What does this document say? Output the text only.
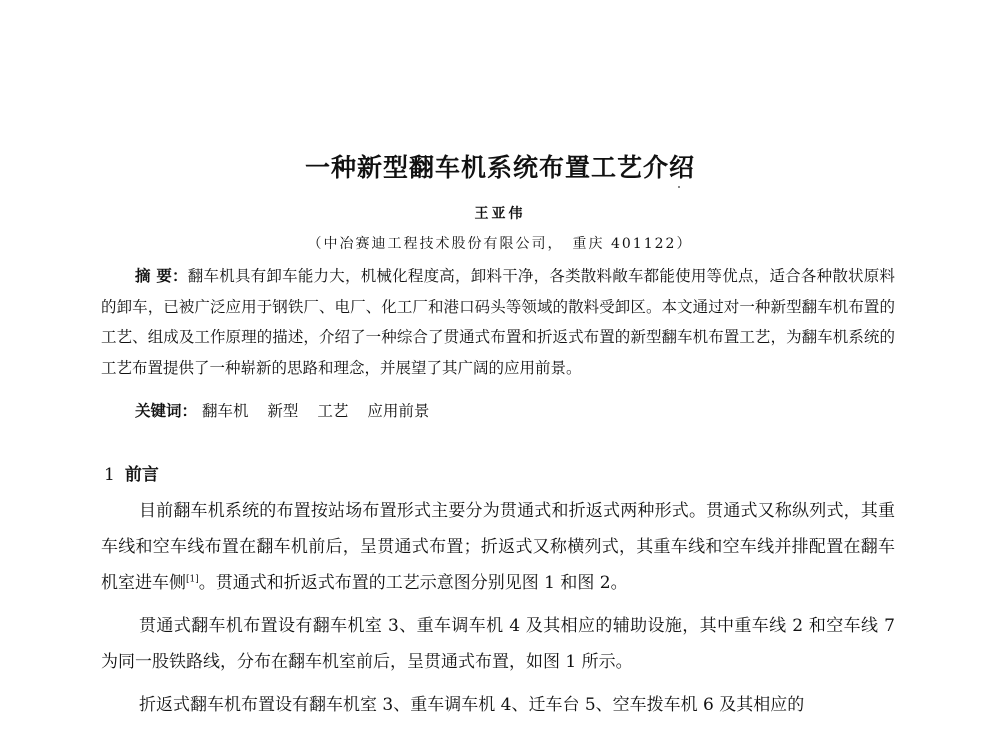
一种新型翻车机系统布置工艺介绍
王亚伟
（中冶赛迪工程技术股份有限公司，　重庆 401122）
摘 要：翻车机具有卸车能力大，机械化程度高，卸料干净，各类散料敞车都能使用等优点，适合各种散状原料的卸车，已被广泛应用于钢铁厂、电厂、化工厂和港口码头等领域的散料受卸区。本文通过对一种新型翻车机布置的工艺、组成及工作原理的描述，介绍了一种综合了贯通式布置和折返式布置的新型翻车机布置工艺，为翻车机系统的工艺布置提供了一种崭新的思路和理念，并展望了其广阔的应用前景。
关键词： 翻车机 新型 工艺 应用前景
1 前言

目前翻车机系统的布置按站场布置形式主要分为贯通式和折返式两种形式。贯通式又称纵列式，其重车线和空车线布置在翻车机前后，呈贯通式布置；折返式又称横列式，其重车线和空车线并排配置在翻车机室进车侧[1]。贯通式和折返式布置的工艺示意图分别见图 1 和图 2。

贯通式翻车机布置设有翻车机室 3、重车调车机 4 及其相应的辅助设施，其中重车线 2 和空车线 7 为同一股铁路线，分布在翻车机室前后，呈贯通式布置，如图 1 所示。

折返式翻车机布置设有翻车机室 3、重车调车机 4、迁车台 5、空车拨车机 6 及其相应的
